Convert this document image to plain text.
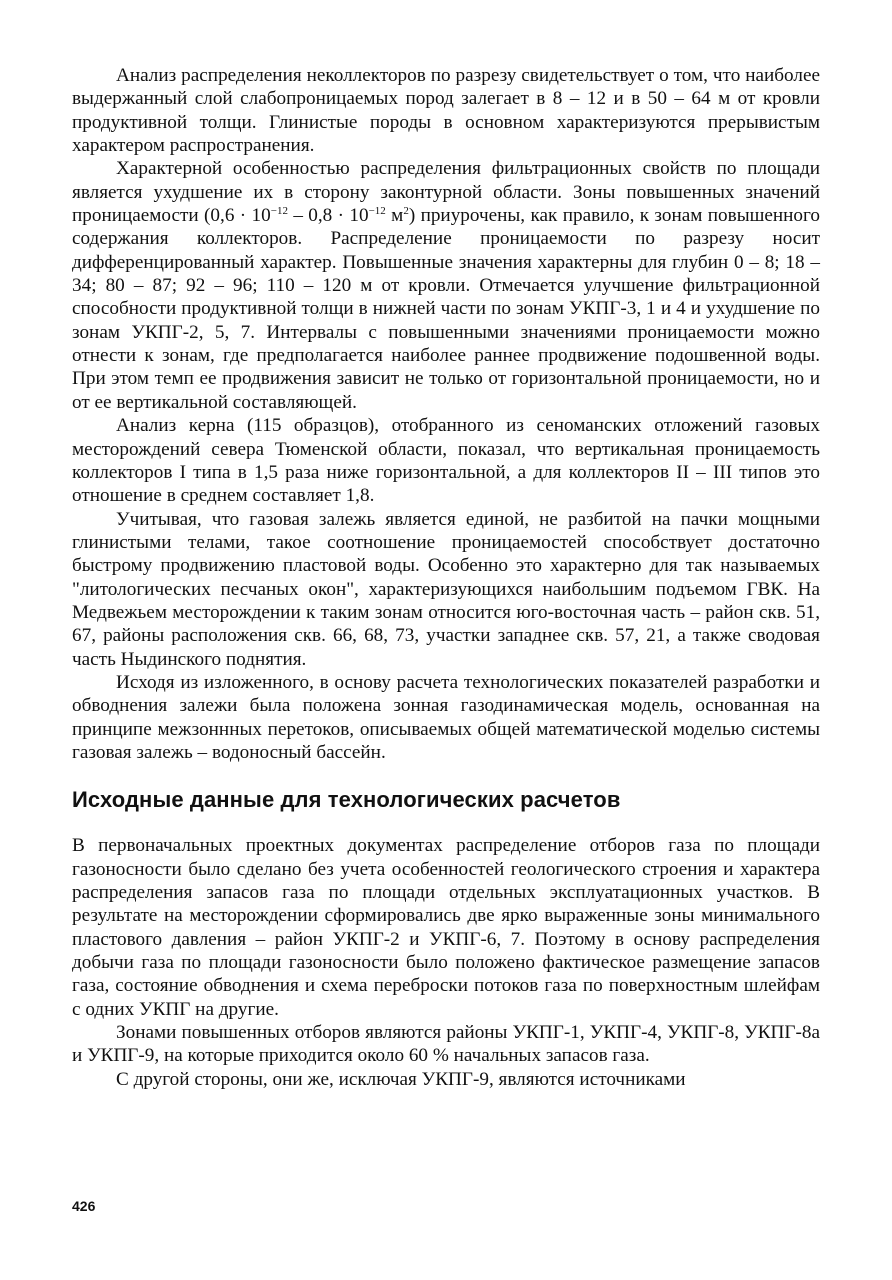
Анализ распределения неколлекторов по разрезу свидетельствует о том, что наиболее выдержанный слой слабопроницаемых пород залегает в 8 – 12 и в 50 – 64 м от кровли продуктивной толщи. Глинистые породы в основном характеризуются прерывистым характером распространения.

Характерной особенностью распределения фильтрационных свойств по площади является ухудшение их в сторону законтурной области. Зоны повышенных значений проницаемости ($0,6 \cdot 10^{-12} - 0,8 \cdot 10^{-12}$ $м^2$) приурочены, как правило, к зонам повышенного содержания коллекторов. Распределение проницаемости по разрезу носит дифференцированный характер. Повышенные значения характерны для глубин 0 – 8; 18 – 34; 80 – 87; 92 – 96; 110 – 120 м от кровли. Отмечается улучшение фильтрационной способности продуктивной толщи в нижней части по зонам УКПГ-3, 1 и 4 и ухудшение по зонам УКПГ-2, 5, 7. Интервалы с повышенными значениями проницаемости можно отнести к зонам, где предполагается наиболее раннее продвижение подошвенной воды. При этом темп ее продвижения зависит не только от горизонтальной проницаемости, но и от ее вертикальной составляющей.

Анализ керна (115 образцов), отобранного из сеноманских отложений газовых месторождений севера Тюменской области, показал, что вертикальная проницаемость коллекторов I типа в 1,5 раза ниже горизонтальной, а для коллекторов II – III типов это отношение в среднем составляет 1,8.

Учитывая, что газовая залежь является единой, не разбитой на пачки мощными глинистыми телами, такое соотношение проницаемостей способствует достаточно быстрому продвижению пластовой воды. Особенно это характерно для так называемых "литологических песчаных окон", характеризующихся наибольшим подъемом ГВК. На Медвежьем месторождении к таким зонам относится юго-восточная часть – район скв. 51, 67, районы расположения скв. 66, 68, 73, участки западнее скв. 57, 21, а также сводовая часть Ныдинского поднятия.

Исходя из изложенного, в основу расчета технологических показателей разработки и обводнения залежи была положена зонная газодинамическая модель, основанная на принципе межзоннных перетоков, описываемых общей математической моделью системы газовая залежь – водоносный бассейн.

Исходные данные для технологических расчетов

В первоначальных проектных документах распределение отборов газа по площади газоносности было сделано без учета особенностей геологического строения и характера распределения запасов газа по площади отдельных эксплуатационных участков. В результате на месторождении сформировались две ярко выраженные зоны минимального пластового давления – район УКПГ-2 и УКПГ-6, 7. Поэтому в основу распределения добычи газа по площади газоносности было положено фактическое размещение запасов газа, состояние обводнения и схема переброски потоков газа по поверхностным шлейфам с одних УКПГ на другие.

Зонами повышенных отборов являются районы УКПГ-1, УКПГ-4, УКПГ-8, УКПГ-8а и УКПГ-9, на которые приходится около 60 % начальных запасов газа.

С другой стороны, они же, исключая УКПГ-9, являются источниками

426
